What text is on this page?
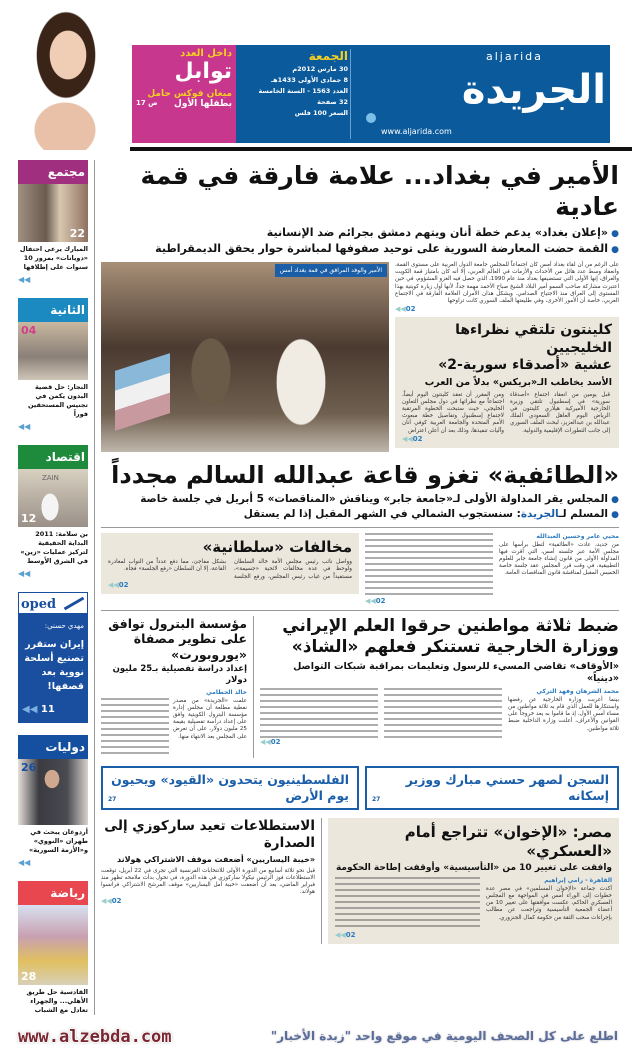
داخل العدد
توابل
ميغان فوكس حامل
بطفلها الأول
ص 17
الجمعة
30 مارس 2012م
8 جمادى الأولى 1433هـ
العدد 1563 - السنة الخامسة
32 صفحة
السعر 100 فلس
aljarida
الجريدة
www.aljarida.com
مجتمع
22
المبارك يرعى احتفال «دويانات» بمرور 10 سنوات على إطلاقها
◀◀
الثانية
04
النجار: حل قضية البدون يكمن في تجنيس المستحقين فوراً
◀◀
اقتصاد
ZAIN
12
بن سلامة: 2011 البداية الحقيقية لتركيز عمليات «زين» في الشرق الأوسط
◀◀
oped
مهدي حسني:
إيران ستقرر تصنيع أسلحة نووية بعد قصفها!
◀◀ 11
دوليات
26
أردوغان يبحث في طهران «النووي» و«الأزمة السورية»
◀◀
رياضة
28
القادسية حل طريق الأهلي... والجهراء تعادل مع الشباب
الأمير في بغداد... علامة فارقة في قمة عادية
● «إعلان بغداد» يدعم خطة أنان ويتهم دمشق بجرائم ضد الإنسانية
● القمة حضت المعارضة السورية على توحيد صفوفها لمباشرة حوار يحقق الديمقراطية
الأمير والوفد المرافق في قمة بغداد أمس
على الرغم من أن لقاء بغداد أمس كان اجتماعاً للمجلس جامعة الدول العربية على مستوى القمة، وانعقاد وسط عدد هائل من الأحداث والأزمات في العالم العربي، إلا أنه كان بامتياز قمة الكويت والعراق، إنها الأولى التي تستضيفها بغداد منذ عام 1990، الذي حصل فيه الغزو المشؤوم، في حين اعتبرت مشاركة صاحب السمو أمير البلاد الشيخ صباح الأحمد مهمة جداً، لأنها أول زيارة كويتية بهذا المستوى إلى العراق منذ الاجتياح الصدامي. ويشكل هذان الأمران العلامة الفارقة في الاجتماع العربي، خاصة أن الأمور الأخرى، وفي طليعتها الملف السوري كانت تراوحها
◀◀02
كلينتون تلتقي نظراءها الخليجيين
عشية «أصدقاء سورية-2»
الأسد يخاطب الـ«بريكس» بدلاً من العرب
ومن المقرر أن تعقد كلينتون اليوم أيضاً، اجتماعاً مع نظرائها في دول مجلس التعاون الخليجي، حيث ستبحث الخطوة المرتقبة لاجتماع إسطنبول وتفاصيل خطة مبعوث الأمم المتحدة والجامعة العربية كوفي أنان وآليات تنفيذها، وذلك بعد أن أعلن اعتراض
قبل يومين من انعقاد اجتماع «أصدقاء سورية» في إسطنبول تلتقي وزيرة الخارجية الأميركية هيلاري كلينتون في الرياض اليوم العاهل السعودي الملك عبدالله بن عبدالعزيز، لبحث الملف السوري إلى جانب التطورات الإقليمية والدولية.
◀◀02
«الطائفية» تغزو قاعة عبدالله السالم مجدداً
● المجلس يقر المداولة الأولى لـ«جامعة جابر» ويناقش «المناقصات» 5 أبريل في جلسة خاصة
● المسلم لـالجريدة: سنستجوب الشمالي في الشهر المقبل إذا لم يستقل
مخالفات «سلطانية»
وواصل نائب رئيس مجلس الأمة خالد السلطان ولوحظ في عدة مخالفات لائحية «جسيمة»، مستفيداً من غياب رئيس المجلس، ورفع الجلسة بشكل مفاجئ، مما دفع عدداً من النواب لمغادرة القاعة، إلا أن السلطان «رفع الجلسة» فجأة.
◀◀02
◀◀02
محيي عامر وحسين العبدالله
من جديد، عادت «الطائفية» لتطل برأسها على مجلس الأمة عبر جلسته أمس، التي أقرت فيها المداولة الأولى من قانون إنشاء جامعة جابر للعلوم التطبيقية، في وقت قرر المجلس عقد جلسة خاصة الخميس المقبل لمناقشة قانون المناقصات العامة.
مؤسسة البترول توافق
على تطوير مصفاة «يوروبورت»
إعداد دراسة تفصيلية بـ25 مليون دولار
خالد الحطامي
علمت «الجريدة» من مصدر نفطية مطلعة أن مجلس إدارة مؤسسة البترول الكويتية وافق على إعداد دراسة تفصيلية بقيمة 25 مليون دولار، على أن تعرض على المجلس بعد الانتهاء منها.
ضبط ثلاثة مواطنين حرقوا العلم الإيراني
ووزارة الخارجية تستنكر فعلهم «الشاذ»
«الأوقاف» تقاضي المسيء للرسول وتعليمات بمراقبة شبكات التواصل «دينياً»
محمد الشرهان وفهد التركي
بينما أعربت وزارة الخارجية عن رفضها واستنكارها للعمل الذي قام به ثلاثة مواطنين من مساء أمس الأول، إذ ما قاموا به يعد خروجاً على القوانين والأعراف، أعلنت وزارة الداخلية ضبط ثلاثة مواطنين.
◀◀02
الفلسطينيون يتحدون «القيود» ويحيون يوم الأرض
27
السجن لصهر حسني مبارك ووزير إسكانه
27
الاستطلاعات تعيد ساركوزي إلى الصدارة
«خيبة اليساريين» أضعفت موقف الاشتراكي هولاند
قبل نحو ثلاثة أسابيع من الدورة الأولى للانتخابات الفرنسية التي تجرى في 22 أبريل، توقعت الاستطلاعات فوز الرئيس نيكولا ساركوزي في هذه الدورة، في تحول بدأت ملامحه تظهر منذ فبراير الماضي، بعد أن أضعفت «خيبة أمل اليساريين» موقف المرشح الاشتراكي فرانسوا هولاند.
◀◀02
مصر: «الإخوان» تتراجع أمام «العسكري»
وافقت على تغيير 10 من «التأسيسية» وأوقفت إطاحة الحكومة
◀◀02
القاهرة - رامي إبراهيم
أكدت جماعة «الإخوان المسلمين» في مصر عدة خطوات إلى الوراء أمس في المواجهة مع المجلس العسكري الحاكم، عكست موافقتها على تغيير 10 من أعضاء الجمعية التأسيسية وتراجعت عن مطالب بإجراءات سحب الثقة من حكومة كمال الجنزوري.
www.alzebda.com	اطلع على كل الصحف اليومية في موقع واحد "زبدة الأخبار"
